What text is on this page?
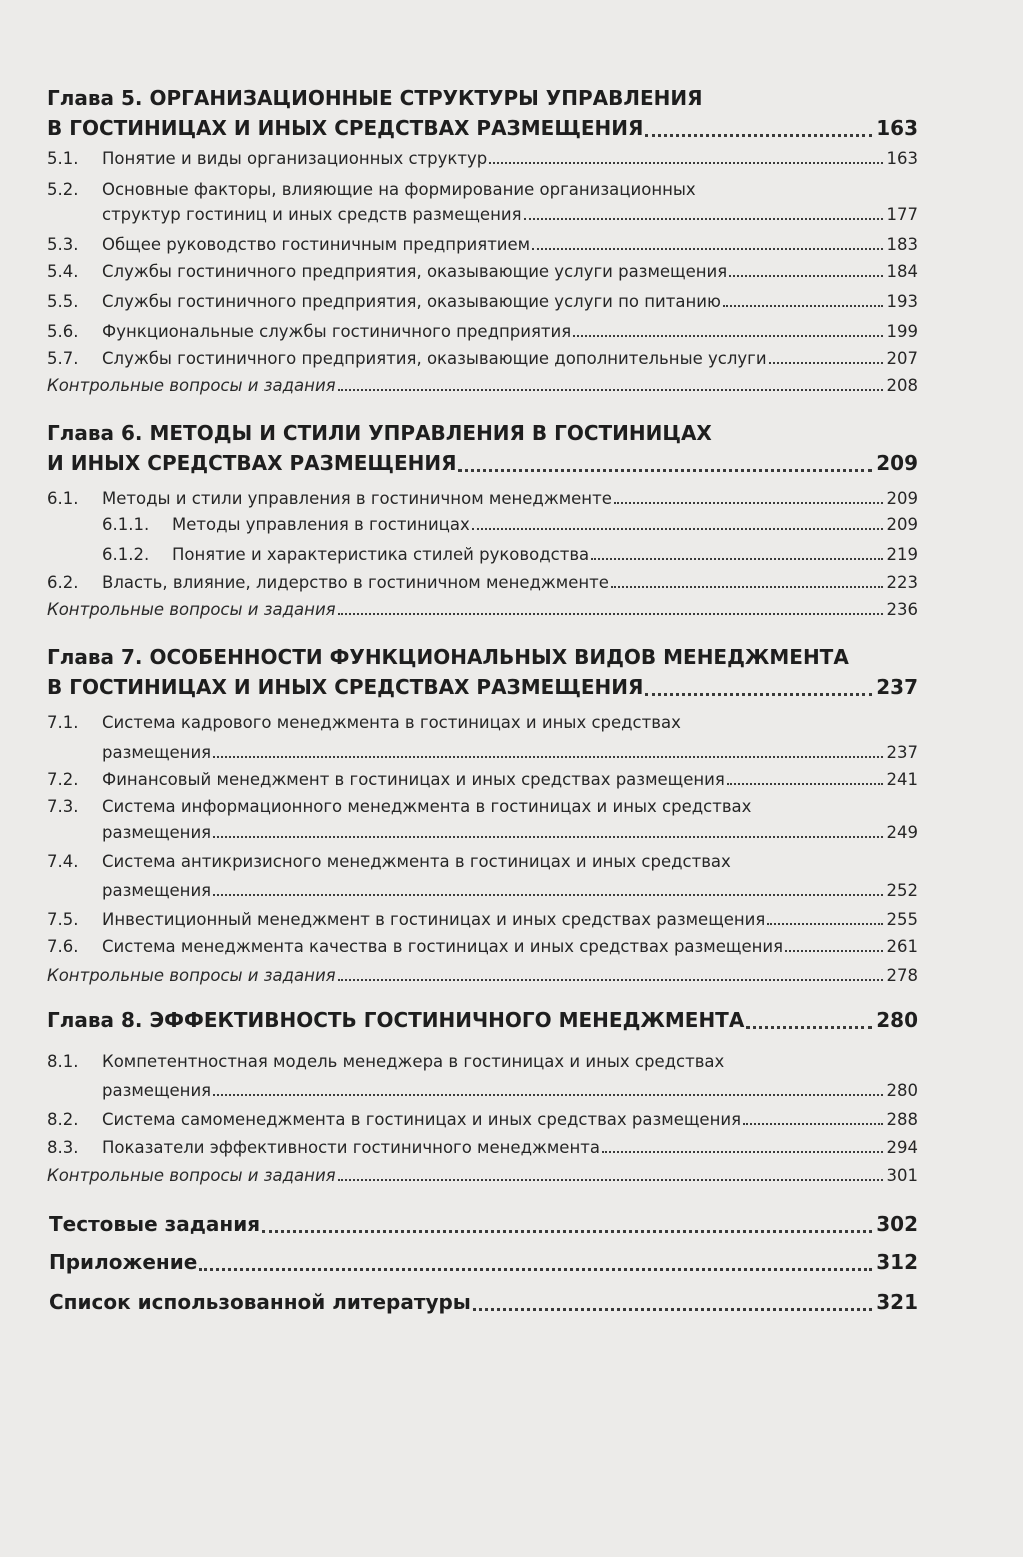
Глава 5. ОРГАНИЗАЦИОННЫЕ СТРУКТУРЫ УПРАВЛЕНИЯ
В ГОСТИНИЦАХ И ИНЫХ СРЕДСТВАХ РАЗМЕЩЕНИЯ	163
5.1. Понятие и виды организационных структур	163
5.2. Основные факторы, влияющие на формирование организационных
структур гостиниц и иных средств размещения	177
5.3. Общее руководство гостиничным предприятием	183
5.4. Службы гостиничного предприятия, оказывающие услуги размещения	184
5.5. Службы гостиничного предприятия, оказывающие услуги по питанию	193
5.6. Функциональные службы гостиничного предприятия	199
5.7. Службы гостиничного предприятия, оказывающие дополнительные услуги	207
Контрольные вопросы и задания	208
Глава 6. МЕТОДЫ И СТИЛИ УПРАВЛЕНИЯ В ГОСТИНИЦАХ
И ИНЫХ СРЕДСТВАХ РАЗМЕЩЕНИЯ	209
6.1. Методы и стили управления в гостиничном менеджменте	209
6.1.1. Методы управления в гостиницах	209
6.1.2. Понятие и характеристика стилей руководства	219
6.2. Власть, влияние, лидерство в гостиничном менеджменте	223
Контрольные вопросы и задания	236
Глава 7. ОСОБЕННОСТИ ФУНКЦИОНАЛЬНЫХ ВИДОВ МЕНЕДЖМЕНТА
В ГОСТИНИЦАХ И ИНЫХ СРЕДСТВАХ РАЗМЕЩЕНИЯ	237
7.1. Система кадрового менеджмента в гостиницах и иных средствах
размещения	237
7.2. Финансовый менеджмент в гостиницах и иных средствах размещения	241
7.3. Система информационного менеджмента в гостиницах и иных средствах
размещения	249
7.4. Система антикризисного менеджмента в гостиницах и иных средствах
размещения	252
7.5. Инвестиционный менеджмент в гостиницах и иных средствах размещения	255
7.6. Система менеджмента качества в гостиницах и иных средствах размещения	261
Контрольные вопросы и задания	278
Глава 8. ЭФФЕКТИВНОСТЬ ГОСТИНИЧНОГО МЕНЕДЖМЕНТА	280
8.1. Компетентностная модель менеджера в гостиницах и иных средствах
размещения	280
8.2. Система самоменеджмента в гостиницах и иных средствах размещения	288
8.3. Показатели эффективности гостиничного менеджмента	294
Контрольные вопросы и задания	301
Тестовые задания	302
Приложение	312
Список использованной литературы	321
